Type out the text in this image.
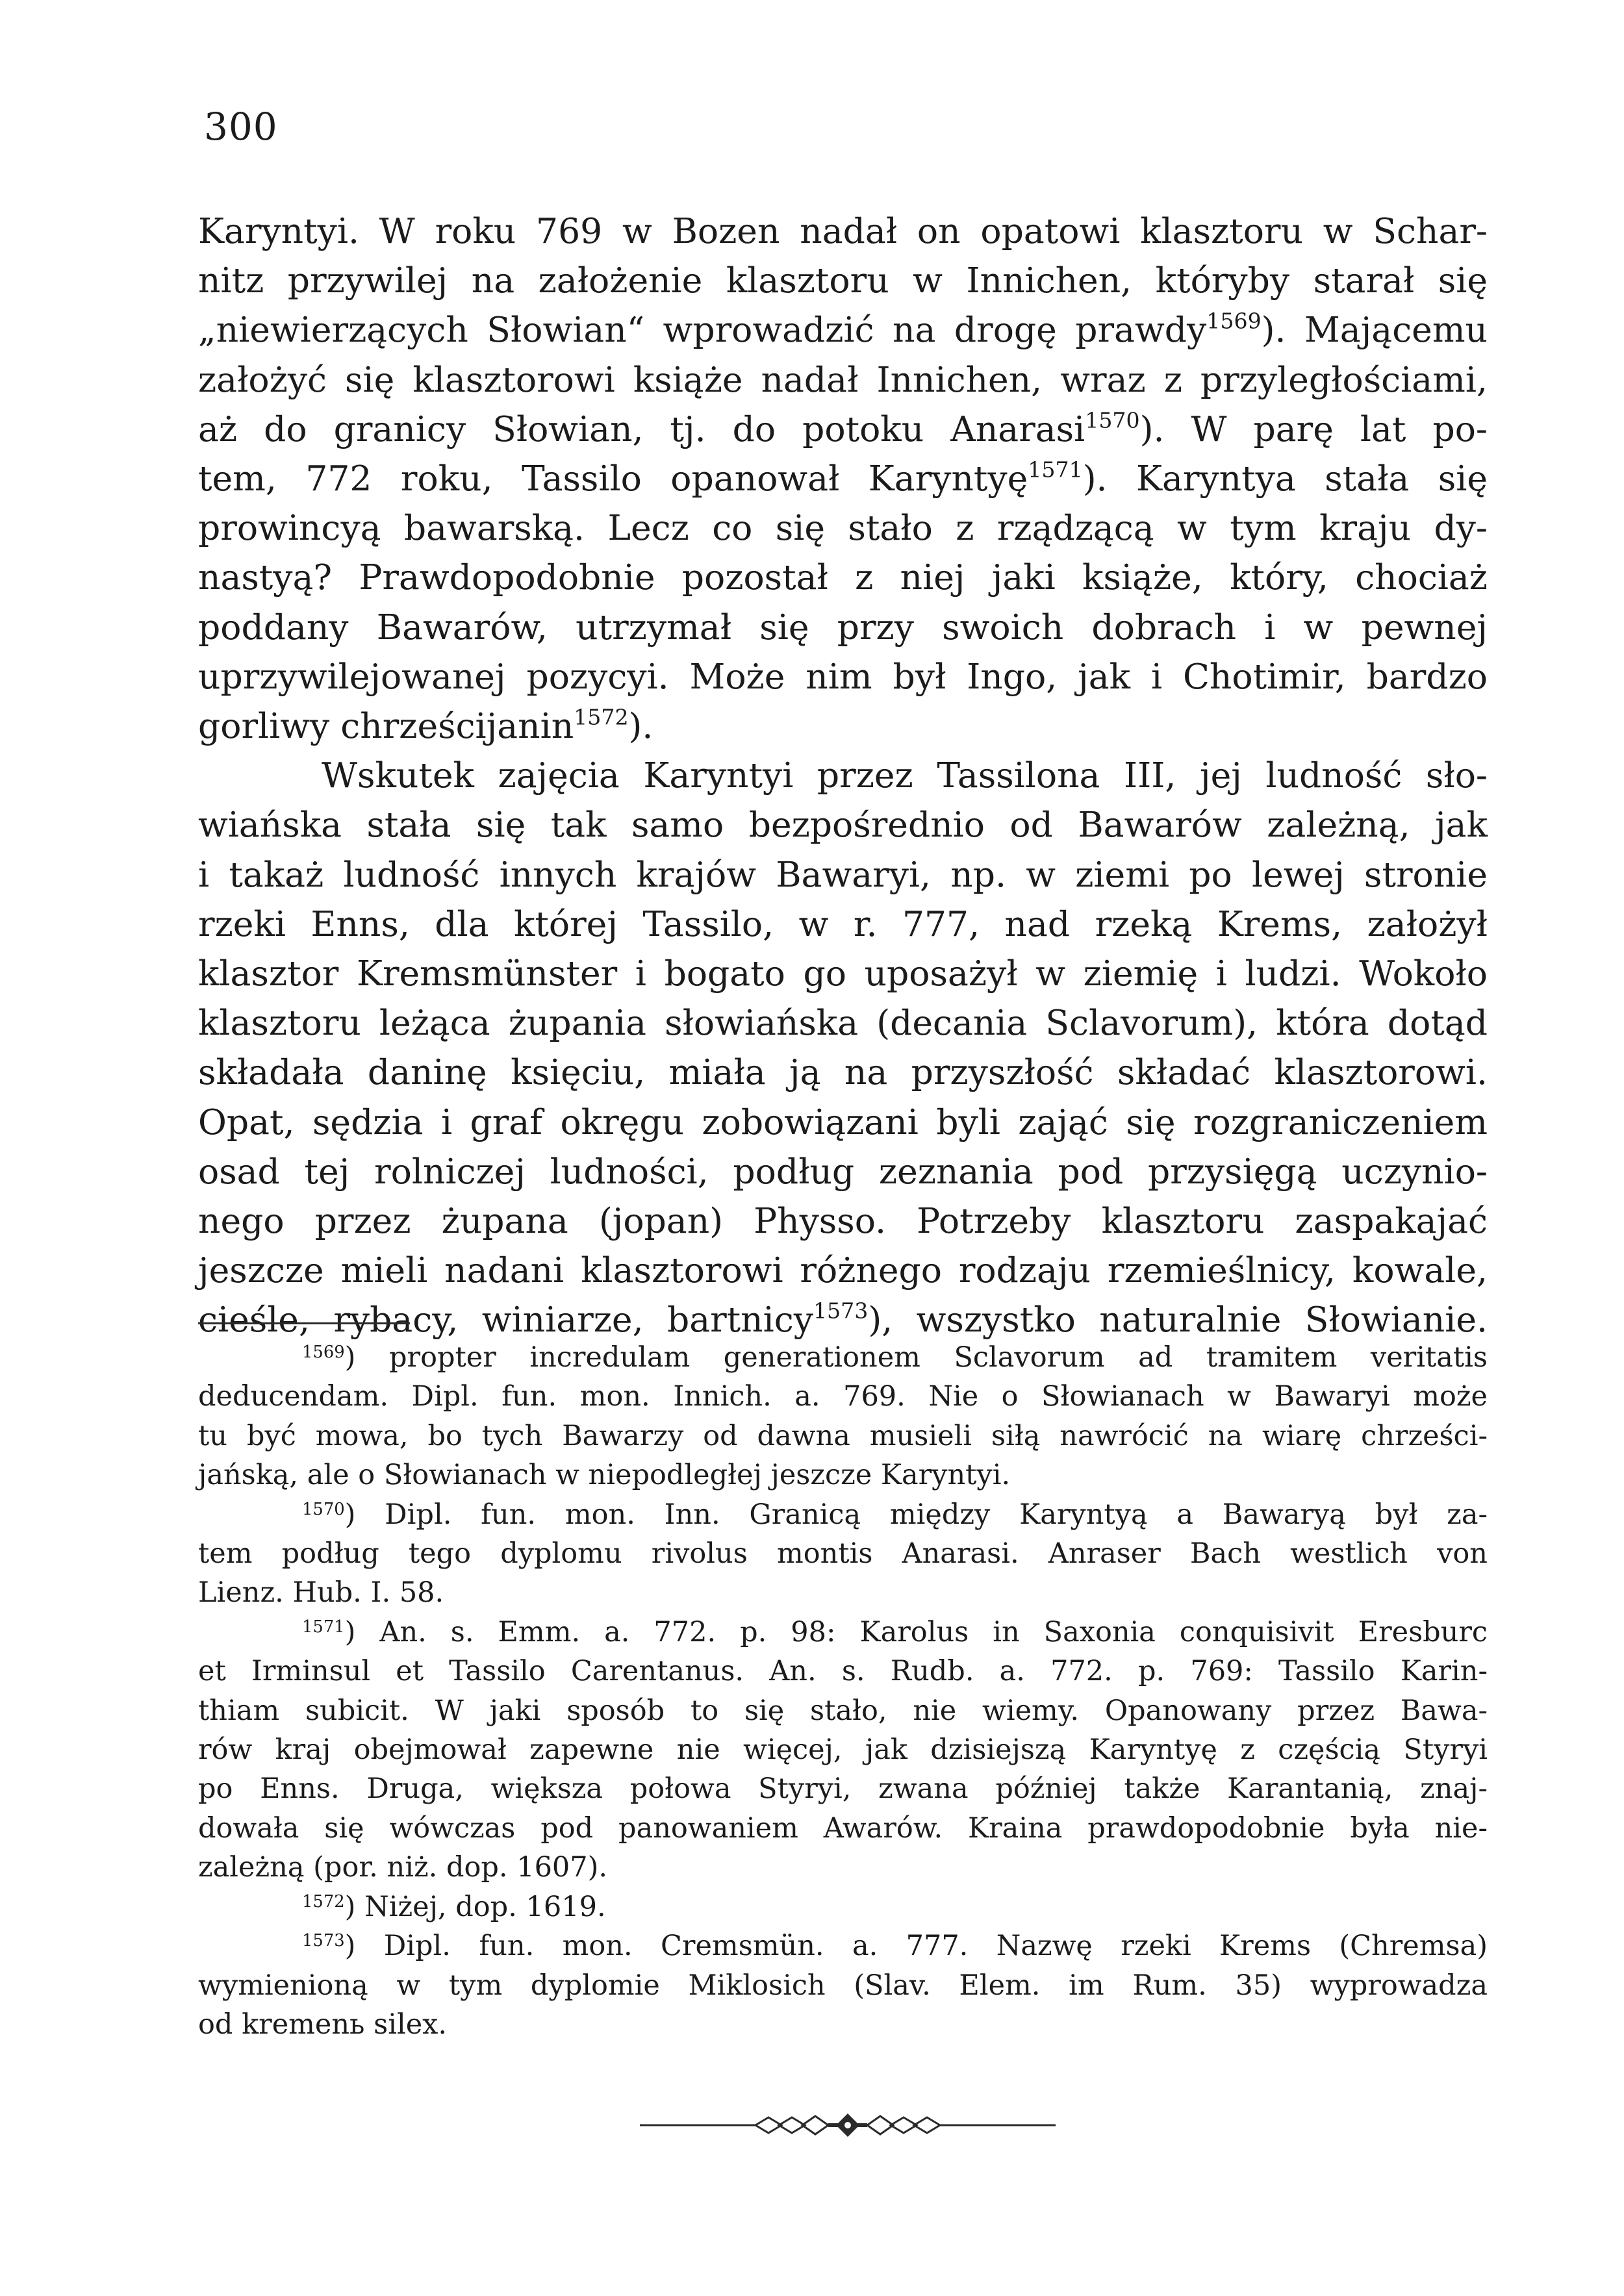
300
Karyntyi. W roku 769 w Bozen nadał on opatowi klasztoru w Schar-
nitz przywilej na założenie klasztoru w Innichen, któryby starał się
„niewierzących Słowian“ wprowadzić na drogę prawdy$^{1569}$). Mającemu
założyć się klasztorowi książe nadał Innichen, wraz z przyległościami,
aż do granicy Słowian, tj. do potoku Anarasi$^{1570}$). W parę lat po-
tem, 772 roku, Tassilo opanował Karyntyę$^{1571}$). Karyntya stała się
prowincyą bawarską. Lecz co się stało z rządzącą w tym kraju dy-
nastyą? Prawdopodobnie pozostał z niej jaki książe, który, chociaż
poddany Bawarów, utrzymał się przy swoich dobrach i w pewnej
uprzywilejowanej pozycyi. Może nim był Ingo, jak i Chotimir, bardzo
gorliwy chrześcijanin$^{1572}$).
Wskutek zajęcia Karyntyi przez Tassilona III, jej ludność sło-
wiańska stała się tak samo bezpośrednio od Bawarów zależną, jak
i takaż ludność innych krajów Bawaryi, np. w ziemi po lewej stronie
rzeki Enns, dla której Tassilo, w r. 777, nad rzeką Krems, założył
klasztor Kremsmünster i bogato go uposażył w ziemię i ludzi. Wokoło
klasztoru leżąca żupania słowiańska (decania Sclavorum), która dotąd
składała daninę księciu, miała ją na przyszłość składać klasztorowi.
Opat, sędzia i graf okręgu zobowiązani byli zająć się rozgraniczeniem
osad tej rolniczej ludności, podług zeznania pod przysięgą uczynio-
nego przez żupana (jopan) Physso. Potrzeby klasztoru zaspakajać
jeszcze mieli nadani klasztorowi różnego rodzaju rzemieślnicy, kowale,
cieśle, rybacy, winiarze, bartnicy$^{1573}$), wszystko naturalnie Słowianie.
$^{1569}$) propter incredulam generationem Sclavorum ad tramitem veritatis
deducendam. Dipl. fun. mon. Innich. a. 769. Nie o Słowianach w Bawaryi może
tu być mowa, bo tych Bawarzy od dawna musieli siłą nawrócić na wiarę chrześci-
jańską, ale o Słowianach w niepodległej jeszcze Karyntyi.
$^{1570}$) Dipl. fun. mon. Inn. Granicą między Karyntyą a Bawaryą był za-
tem podług tego dyplomu rivolus montis Anarasi. Anraser Bach westlich von
Lienz. Hub. I. 58.
$^{1571}$) An. s. Emm. a. 772. p. 98: Karolus in Saxonia conquisivit Eresburc
et Irminsul et Tassilo Carentanus. An. s. Rudb. a. 772. p. 769: Tassilo Karin-
thiam subicit. W jaki sposób to się stało, nie wiemy. Opanowany przez Bawa-
rów kraj obejmował zapewne nie więcej, jak dzisiejszą Karyntyę z częścią Styryi
po Enns. Druga, większa połowa Styryi, zwana później także Karantanią, znaj-
dowała się wówczas pod panowaniem Awarów. Kraina prawdopodobnie była nie-
zależną (por. niż. dop. 1607).
$^{1572}$) Niżej, dop. 1619.
$^{1573}$) Dipl. fun. mon. Cremsmün. a. 777. Nazwę rzeki Krems (Chremsa)
wymienioną w tym dyplomie Miklosich (Slav. Elem. im Rum. 35) wyprowadza
od kremenь silex.
